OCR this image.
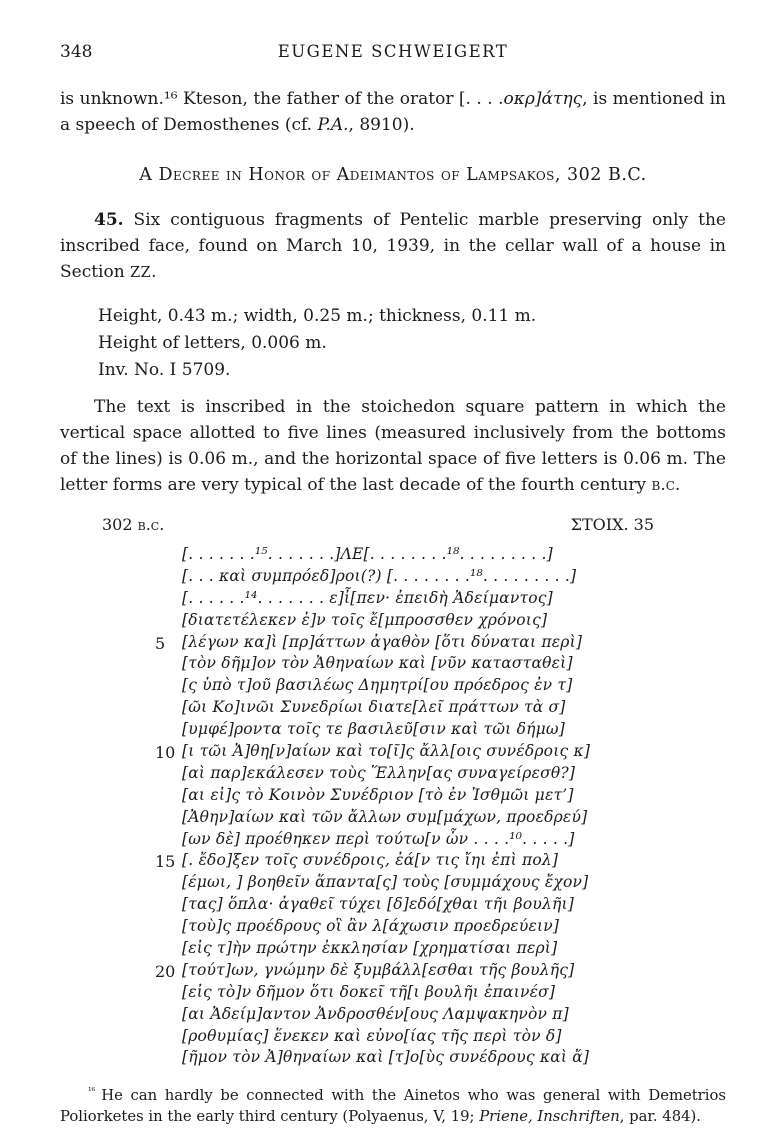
348	EUGENE SCHWEIGERT

is unknown.¹⁶ Kteson, the father of the orator [. . . .οκρ]άτης, is mentioned in a speech of Demosthenes (cf. P.A., 8910).

A Decree in Honor of Adeimantos of Lampsakos, 302 B.C.

45. Six contiguous fragments of Pentelic marble preserving only the inscribed face, found on March 10, 1939, in the cellar wall of a house in Section ZZ.

Height, 0.43 m.; width, 0.25 m.; thickness, 0.11 m.
Height of letters, 0.006 m.
Inv. No. I 5709.

The text is inscribed in the stoichedon square pattern in which the vertical space allotted to five lines (measured inclusively from the bottoms of the lines) is 0.06 m., and the horizontal space of five letters is 0.06 m. The letter forms are very typical of the last decade of the fourth century b.c.

302 b.c.	ΣΤΟΙΧ. 35
[. . . . . . .¹⁵. . . . . . .]ΛΕ[. . . . . . . .¹⁸. . . . . . . . .]
[. . . καὶ συμπρόεδ]ροι(?) [. . . . . . . .¹⁸. . . . . . . . .]
[. . . . . .¹⁴. . . . . . . ε]ἶ[πεν· ἐπειδὴ Ἀδείμαντος]
[διατετέλεκεν ἐ]ν τοῖς ἔ[μπροσσθεν χρόνοις]
5 [λέγων κα]ὶ [πρ]άττων ἀγαθὸν [ὅτι δύναται περὶ]
[τὸν δῆμ]ον τὸν Ἀθηναίων καὶ [νῦν κατασταθεὶ]
[ς ὑπὸ τ]οῦ βασιλέως Δημητρί[ου πρόεδρος ἐν τ]
[ῶι Κο]ινῶι Συνεδρίωι διατε[λεῖ πράττων τὰ σ]
[υμφέ]ροντα τοῖς τε βασιλεῦ[σιν καὶ τῶι δήμω]
10 [ι τῶι Ἀ]θη[ν]αίων καὶ το[ῖ]ς ἄλλ[οις συνέδροις κ]
[αὶ παρ]εκάλεσεν τοὺς Ἕλλην[ας συναγείρεσθ?]
[αι εἰ]ς τὸ Κοινὸν Συνέδριον [τὸ ἐν Ἰσθμῶι μετ’]
[Ἀθην]αίων καὶ τῶν ἄλλων συμ[μάχων, προεδρεύ]
[ων δὲ] προέθηκεν περὶ τούτω[ν ὧν . . . .¹⁰. . . . .]
15 [. ἔδο]ξεν τοῖς συνέδροις, ἐά[ν τις ἴηι ἐπὶ πολ]
[έμωι, ] βοηθεῖν ἅπαντα[ς] τοὺς [συμμάχους ἔχον]
[τας] ὅπλα· ἀγαθεῖ τύχει [δ]εδό[χθαι τῆι βουλῆι]
[τοὺ]ς προέδρους οἳ ἂν λ[άχωσιν προεδρεύειν]
[εἰς τ]ὴν πρώτην ἐκκλησίαν [χρηματίσαι περὶ]
20 [τούτ]ων, γνώμην δὲ ξυμβάλλ[εσθαι τῆς βουλῆς]
[εἰς τὸ]ν δῆμον ὅτι δοκεῖ τῆ[ι βουλῆι ἐπαινέσ]
[αι Ἀδείμ]αντον Ἀνδροσθέν[ους Λαμψακηνὸν π]
[ροθυμίας] ἕνεκεν καὶ εὐνο[ίας τῆς περὶ τὸν δ]
[ῆμον τὸν Ἀ]θηναίων καὶ [τ]ο[ὺς συνέδρους καὶ ἄ]

$^{^{16}}$ He can hardly be connected with the Ainetos who was general with Demetrios Poliorketes in the early third century (Polyaenus, V, 19; Priene, Inschriften, par. 484).
